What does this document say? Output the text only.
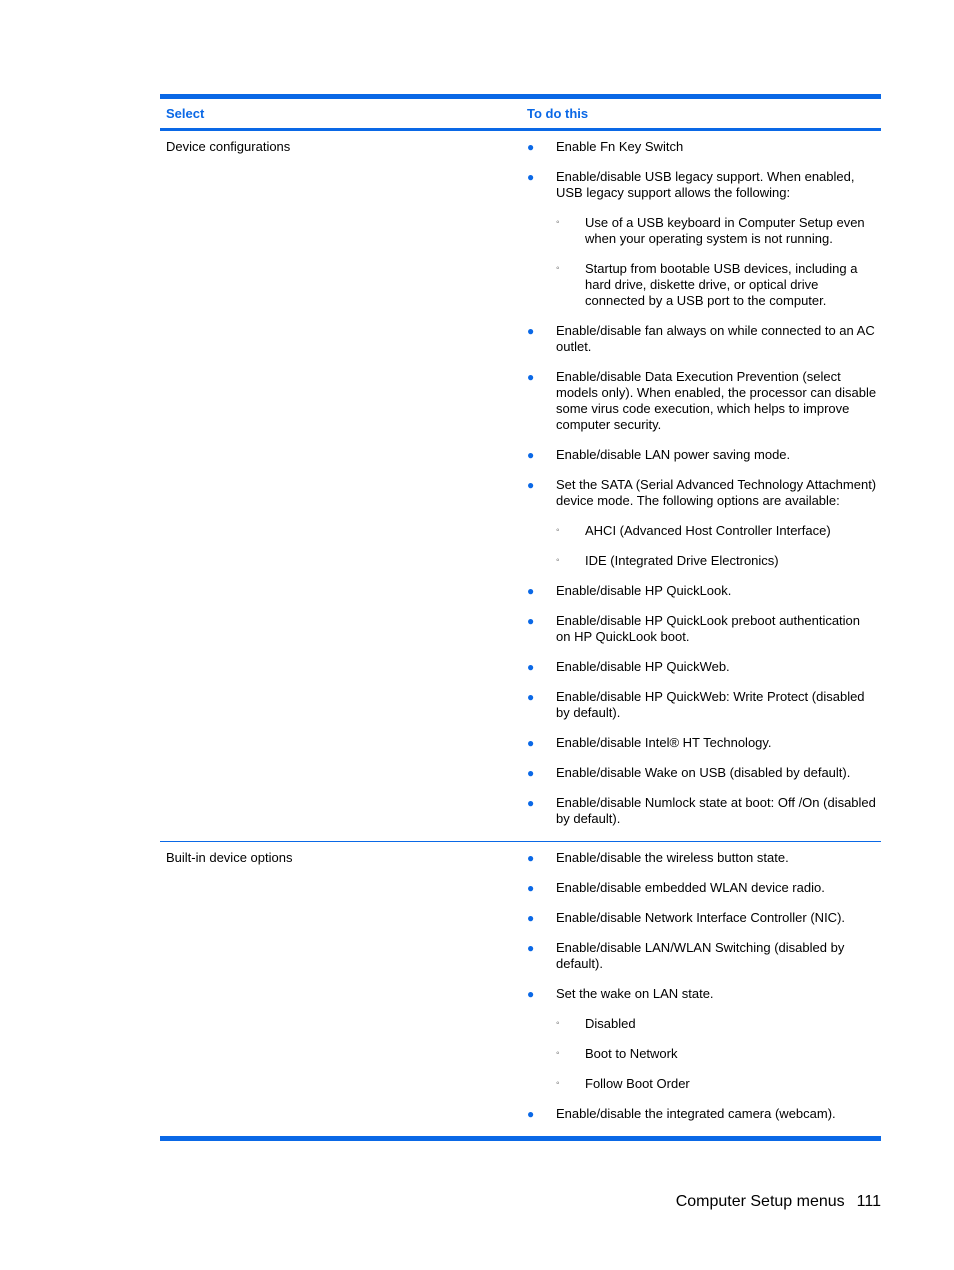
Select	To do this
Device configurations	● Enable Fn Key Switch
● Enable/disable USB legacy support. When enabled, USB legacy support allows the following:
◦ Use of a USB keyboard in Computer Setup even when your operating system is not running.
◦ Startup from bootable USB devices, including a hard drive, diskette drive, or optical drive connected by a USB port to the computer.
● Enable/disable fan always on while connected to an AC outlet.
● Enable/disable Data Execution Prevention (select models only). When enabled, the processor can disable some virus code execution, which helps to improve computer security.
● Enable/disable LAN power saving mode.
● Set the SATA (Serial Advanced Technology Attachment) device mode. The following options are available:
◦ AHCI (Advanced Host Controller Interface)
◦ IDE (Integrated Drive Electronics)
● Enable/disable HP QuickLook.
● Enable/disable HP QuickLook preboot authentication on HP QuickLook boot.
● Enable/disable HP QuickWeb.
● Enable/disable HP QuickWeb: Write Protect (disabled by default).
● Enable/disable Intel® HT Technology.
● Enable/disable Wake on USB (disabled by default).
● Enable/disable Numlock state at boot: Off /On (disabled by default).
Built-in device options	● Enable/disable the wireless button state.
● Enable/disable embedded WLAN device radio.
● Enable/disable Network Interface Controller (NIC).
● Enable/disable LAN/WLAN Switching (disabled by default).
● Set the wake on LAN state.
◦ Disabled
◦ Boot to Network
◦ Follow Boot Order
● Enable/disable the integrated camera (webcam).
Computer Setup menus 111
